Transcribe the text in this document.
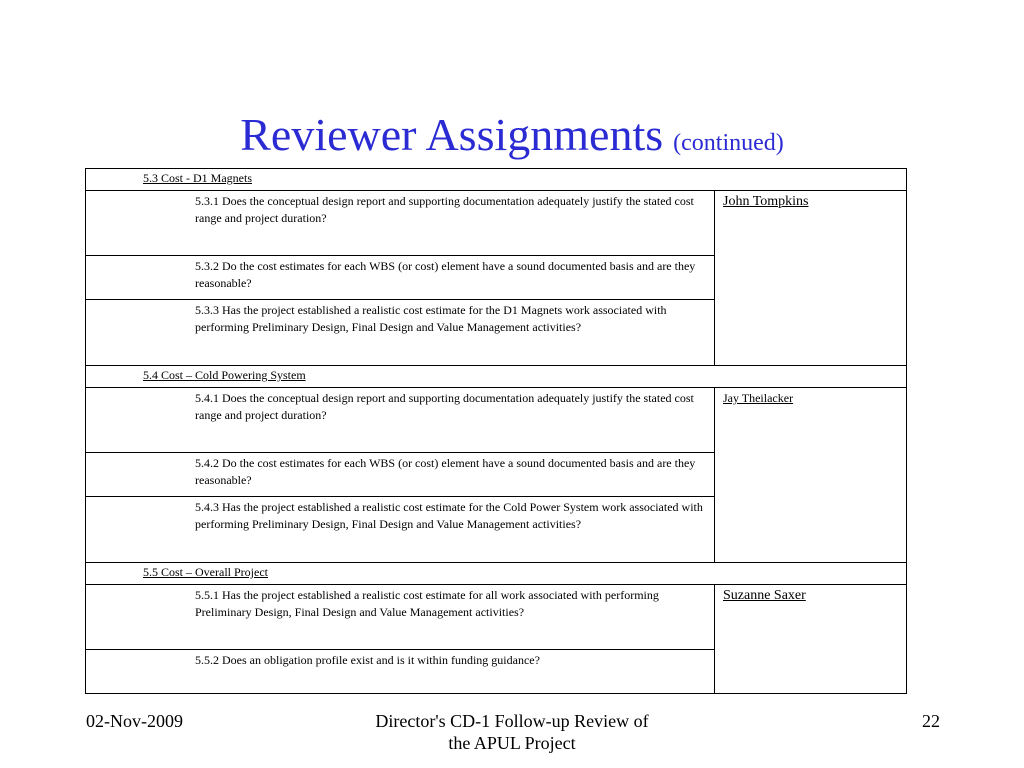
Reviewer Assignments (continued)
5.3 Cost - D1 Magnets	
5.3.1 Does the conceptual design report and supporting documentation adequately justify the stated cost range and project duration?	John Tompkins
5.3.2 Do the cost estimates for each WBS (or cost) element have a sound documented basis and are they reasonable?	
5.3.3 Has the project established a realistic cost estimate for the D1 Magnets work associated with performing Preliminary Design, Final Design and Value Management activities?	
5.4 Cost – Cold Powering System	
5.4.1 Does the conceptual design report and supporting documentation adequately justify the stated cost range and project duration?	Jay Theilacker
5.4.2 Do the cost estimates for each WBS (or cost) element have a sound documented basis and are they reasonable?	
5.4.3 Has the project established a realistic cost estimate for the Cold Power System work associated with performing Preliminary Design, Final Design and Value Management activities?	
5.5 Cost – Overall Project	
5.5.1 Has the project established a realistic cost estimate for all work associated with performing Preliminary Design, Final Design and Value Management activities?	Suzanne Saxer
5.5.2 Does an obligation profile exist and is it within funding guidance?	
02-Nov-2009	Director's CD-1 Follow-up Review of
the APUL Project
22
